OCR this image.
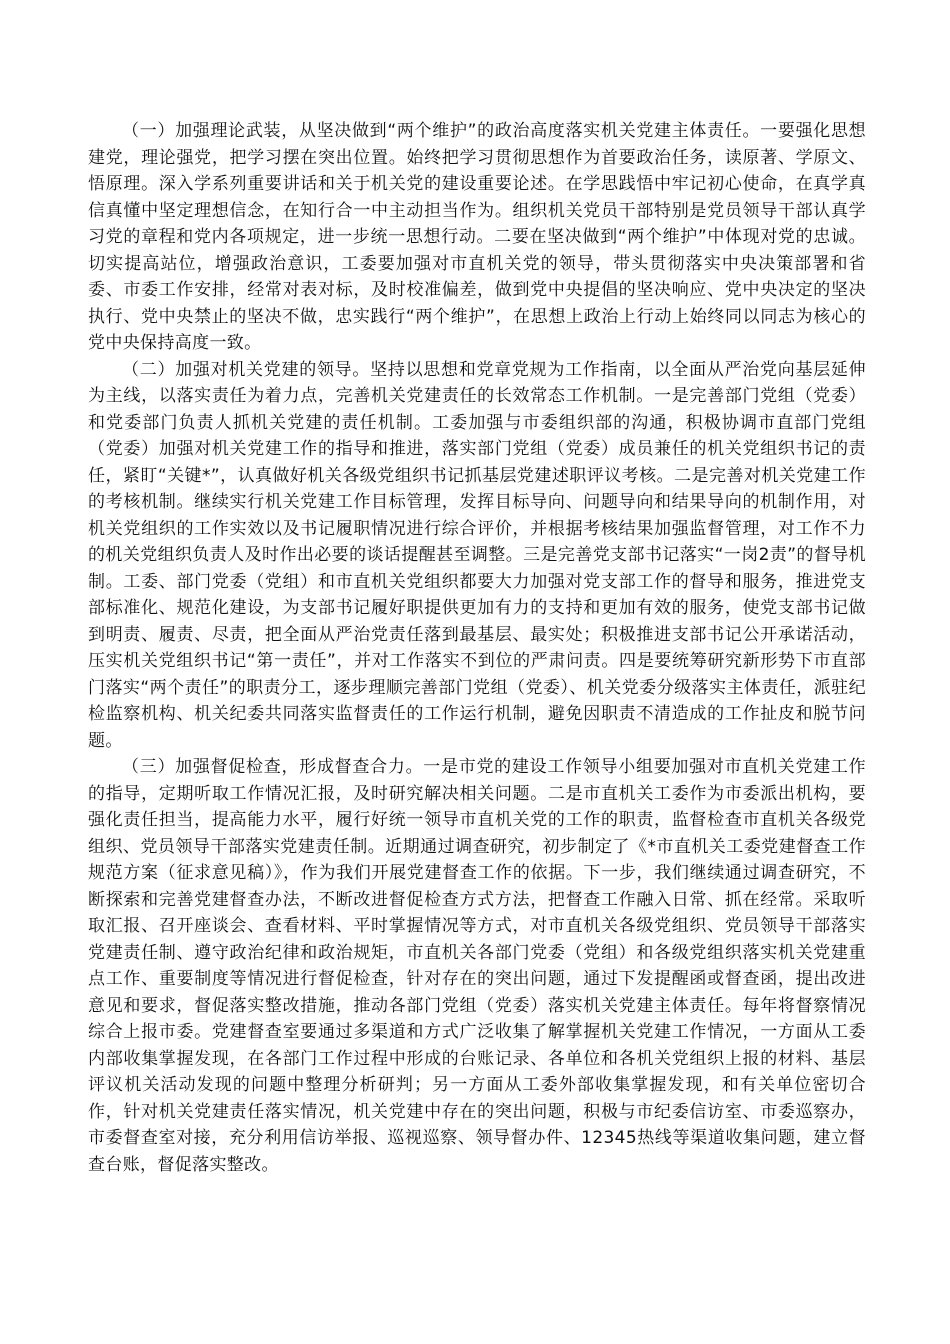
（一）加强理论武装，从坚决做到“两个维护”的政治高度落实机关党建主体责任。一要强化思想建党，理论强党，把学习摆在突出位置。始终把学习贯彻思想作为首要政治任务，读原著、学原文、悟原理。深入学系列重要讲话和关于机关党的建设重要论述。在学思践悟中牢记初心使命，在真学真信真懂中坚定理想信念，在知行合一中主动担当作为。组织机关党员干部特别是党员领导干部认真学习党的章程和党内各项规定，进一步统一思想行动。二要在坚决做到“两个维护”中体现对党的忠诚。切实提高站位，增强政治意识，工委要加强对市直机关党的领导，带头贯彻落实中央决策部署和省委、市委工作安排，经常对表对标，及时校准偏差，做到党中央提倡的坚决响应、党中央决定的坚决执行、党中央禁止的坚决不做，忠实践行“两个维护”，在思想上政治上行动上始终同以同志为核心的党中央保持高度一致。

（二）加强对机关党建的领导。坚持以思想和党章党规为工作指南，以全面从严治党向基层延伸为主线，以落实责任为着力点，完善机关党建责任的长效常态工作机制。一是完善部门党组（党委）和党委部门负责人抓机关党建的责任机制。工委加强与市委组织部的沟通，积极协调市直部门党组（党委）加强对机关党建工作的指导和推进，落实部门党组（党委）成员兼任的机关党组织书记的责任，紧盯“关键*”，认真做好机关各级党组织书记抓基层党建述职评议考核。二是完善对机关党建工作的考核机制。继续实行机关党建工作目标管理，发挥目标导向、问题导向和结果导向的机制作用，对机关党组织的工作实效以及书记履职情况进行综合评价，并根据考核结果加强监督管理，对工作不力的机关党组织负责人及时作出必要的谈话提醒甚至调整。三是完善党支部书记落实“一岗2责”的督导机制。工委、部门党委（党组）和市直机关党组织都要大力加强对党支部工作的督导和服务，推进党支部标准化、规范化建设，为支部书记履好职提供更加有力的支持和更加有效的服务，使党支部书记做到明责、履责、尽责，把全面从严治党责任落到最基层、最实处；积极推进支部书记公开承诺活动，压实机关党组织书记“第一责任”，并对工作落实不到位的严肃问责。四是要统筹研究新形势下市直部门落实“两个责任”的职责分工，逐步理顺完善部门党组（党委）、机关党委分级落实主体责任，派驻纪检监察机构、机关纪委共同落实监督责任的工作运行机制，避免因职责不清造成的工作扯皮和脱节问题。

（三）加强督促检查，形成督查合力。一是市党的建设工作领导小组要加强对市直机关党建工作的指导，定期听取工作情况汇报，及时研究解决相关问题。二是市直机关工委作为市委派出机构，要强化责任担当，提高能力水平，履行好统一领导市直机关党的工作的职责，监督检查市直机关各级党组织、党员领导干部落实党建责任制。近期通过调查研究，初步制定了《*市直机关工委党建督查工作规范方案（征求意见稿）》，作为我们开展党建督查工作的依据。下一步，我们继续通过调查研究，不断探索和完善党建督查办法，不断改进督促检查方式方法，把督查工作融入日常、抓在经常。采取听取汇报、召开座谈会、查看材料、平时掌握情况等方式，对市直机关各级党组织、党员领导干部落实党建责任制、遵守政治纪律和政治规矩，市直机关各部门党委（党组）和各级党组织落实机关党建重点工作、重要制度等情况进行督促检查，针对存在的突出问题，通过下发提醒函或督查函，提出改进意见和要求，督促落实整改措施，推动各部门党组（党委）落实机关党建主体责任。每年将督察情况综合上报市委。党建督查室要通过多渠道和方式广泛收集了解掌握机关党建工作情况，一方面从工委内部收集掌握发现，在各部门工作过程中形成的台账记录、各单位和各机关党组织上报的材料、基层评议机关活动发现的问题中整理分析研判；另一方面从工委外部收集掌握发现，和有关单位密切合作，针对机关党建责任落实情况，机关党建中存在的突出问题，积极与市纪委信访室、市委巡察办，市委督查室对接，充分利用信访举报、巡视巡察、领导督办件、12345热线等渠道收集问题，建立督查台账，督促落实整改。
